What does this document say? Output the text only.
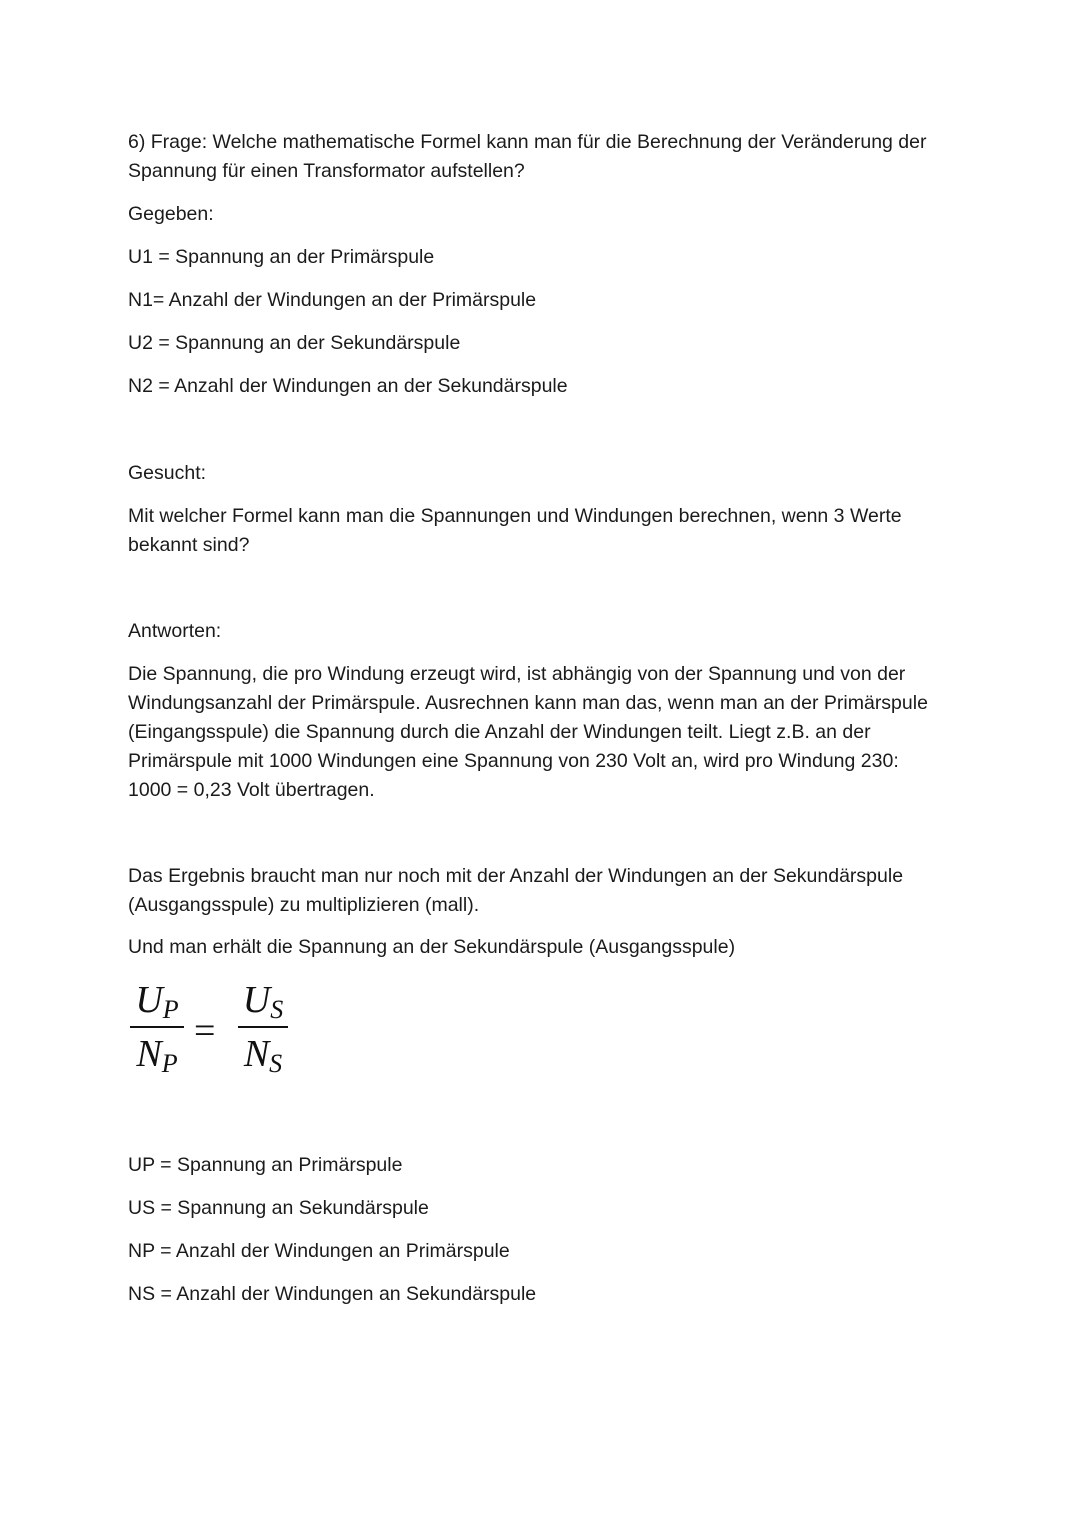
6) Frage: Welche mathematische Formel kann man für die Berechnung der Veränderung der
Spannung für einen Transformator aufstellen?

Gegeben:

U1 = Spannung an der Primärspule

N1= Anzahl der Windungen an der Primärspule

U2 = Spannung an der Sekundärspule

N2 = Anzahl der Windungen an der Sekundärspule

Gesucht:

Mit welcher Formel kann man die Spannungen und Windungen berechnen, wenn 3 Werte
bekannt sind?

Antworten:

Die Spannung, die pro Windung erzeugt wird, ist abhängig von der Spannung und von der
Windungsanzahl der Primärspule. Ausrechnen kann man das, wenn man an der Primärspule
(Eingangsspule) die Spannung durch die Anzahl der Windungen teilt. Liegt z.B. an der
Primärspule mit 1000 Windungen eine Spannung von 230 Volt an, wird pro Windung 230:
1000 = 0,23 Volt übertragen.
Das Ergebnis braucht man nur noch mit der Anzahl der Windungen an der Sekundärspule
(Ausgangsspule) zu multiplizieren (mall).

Und man erhält die Spannung an der Sekundärspule (Ausgangsspule)

$U_P$
$N_P$
=
$U_S$
$N_S$

UP = Spannung an Primärspule

US = Spannung an Sekundärspule

NP = Anzahl der Windungen an Primärspule

NS = Anzahl der Windungen an Sekundärspule
